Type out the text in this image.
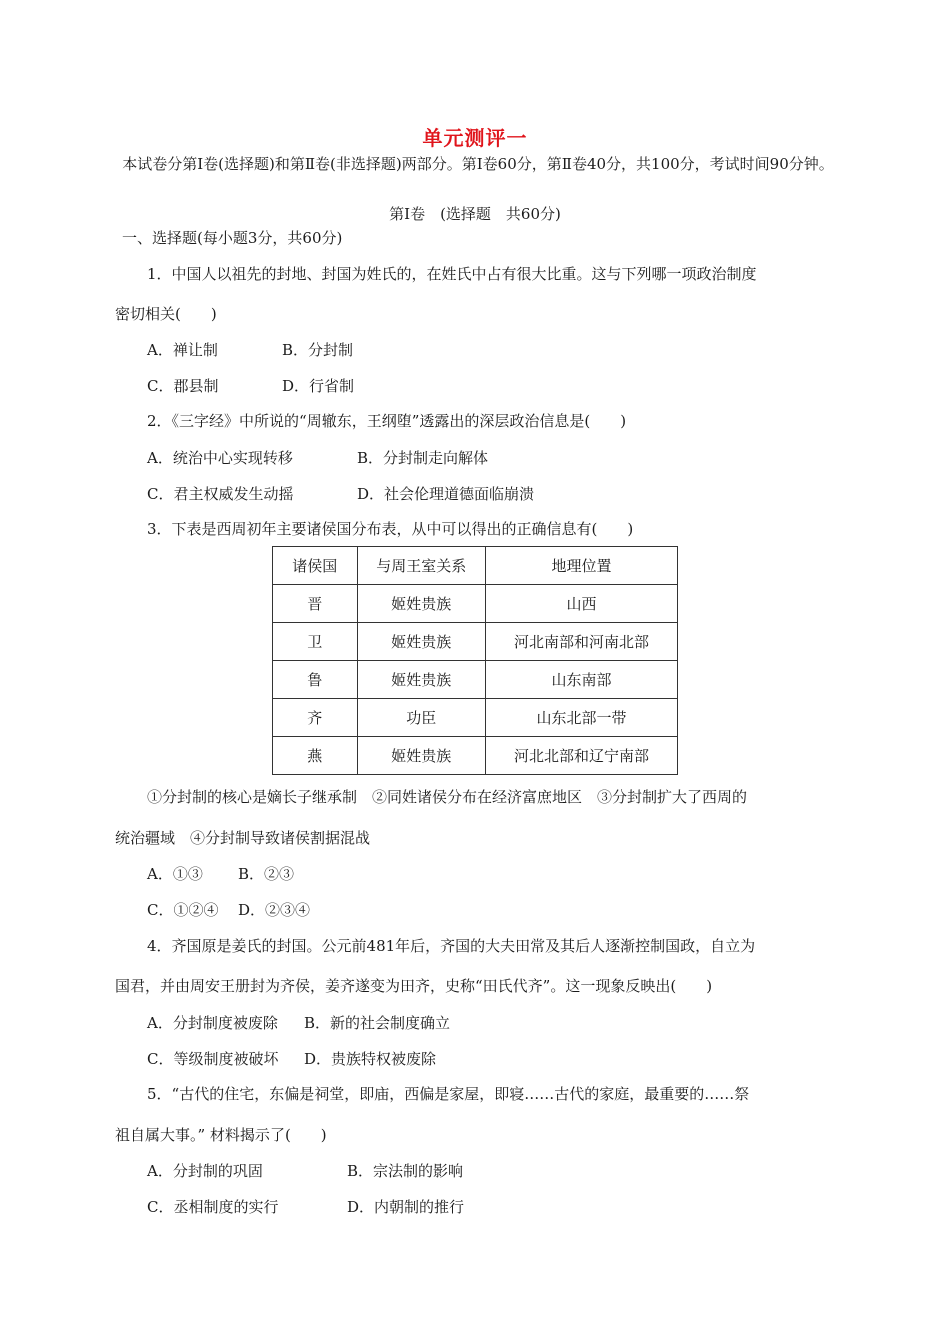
单元测评一
本试卷分第Ⅰ卷(选择题)和第Ⅱ卷(非选择题)两部分。第Ⅰ卷60分，第Ⅱ卷40分，共100分，考试时间90分钟。
第Ⅰ卷　(选择题　共60分)
一、选择题(每小题3分，共60分)
1．中国人以祖先的封地、封国为姓氏的，在姓氏中占有很大比重。这与下列哪一项政治制度
密切相关(　　)
A．禅让制	B．分封制
C．郡县制	D．行省制
2．《三字经》中所说的“周辙东，王纲堕”透露出的深层政治信息是(　　)
A．统治中心实现转移	B．分封制走向解体
C．君主权威发生动摇	D．社会伦理道德面临崩溃
3．下表是西周初年主要诸侯国分布表，从中可以得出的正确信息有(　　)
诸侯国	与周王室关系	地理位置
晋	姬姓贵族	山西
卫	姬姓贵族	河北南部和河南北部
鲁	姬姓贵族	山东南部
齐	功臣	山东北部一带
燕	姬姓贵族	河北北部和辽宁南部
①分封制的核心是嫡长子继承制　②同姓诸侯分布在经济富庶地区　③分封制扩大了西周的
统治疆域　④分封制导致诸侯割据混战
A．①③ B．②③
C．①②④ D．②③④
4．齐国原是姜氏的封国。公元前481年后，齐国的大夫田常及其后人逐渐控制国政，自立为
国君，并由周安王册封为齐侯，姜齐遂变为田齐，史称“田氏代齐”。这一现象反映出(　　)
A．分封制度被废除 B．新的社会制度确立
C．等级制度被破坏 D．贵族特权被废除
5．“古代的住宅，东偏是祠堂，即庙，西偏是家屋，即寝……古代的家庭，最重要的……祭
祖自属大事。” 材料揭示了(　　)
A．分封制的巩固	B．宗法制的影响
C．丞相制度的实行	D．内朝制的推行
